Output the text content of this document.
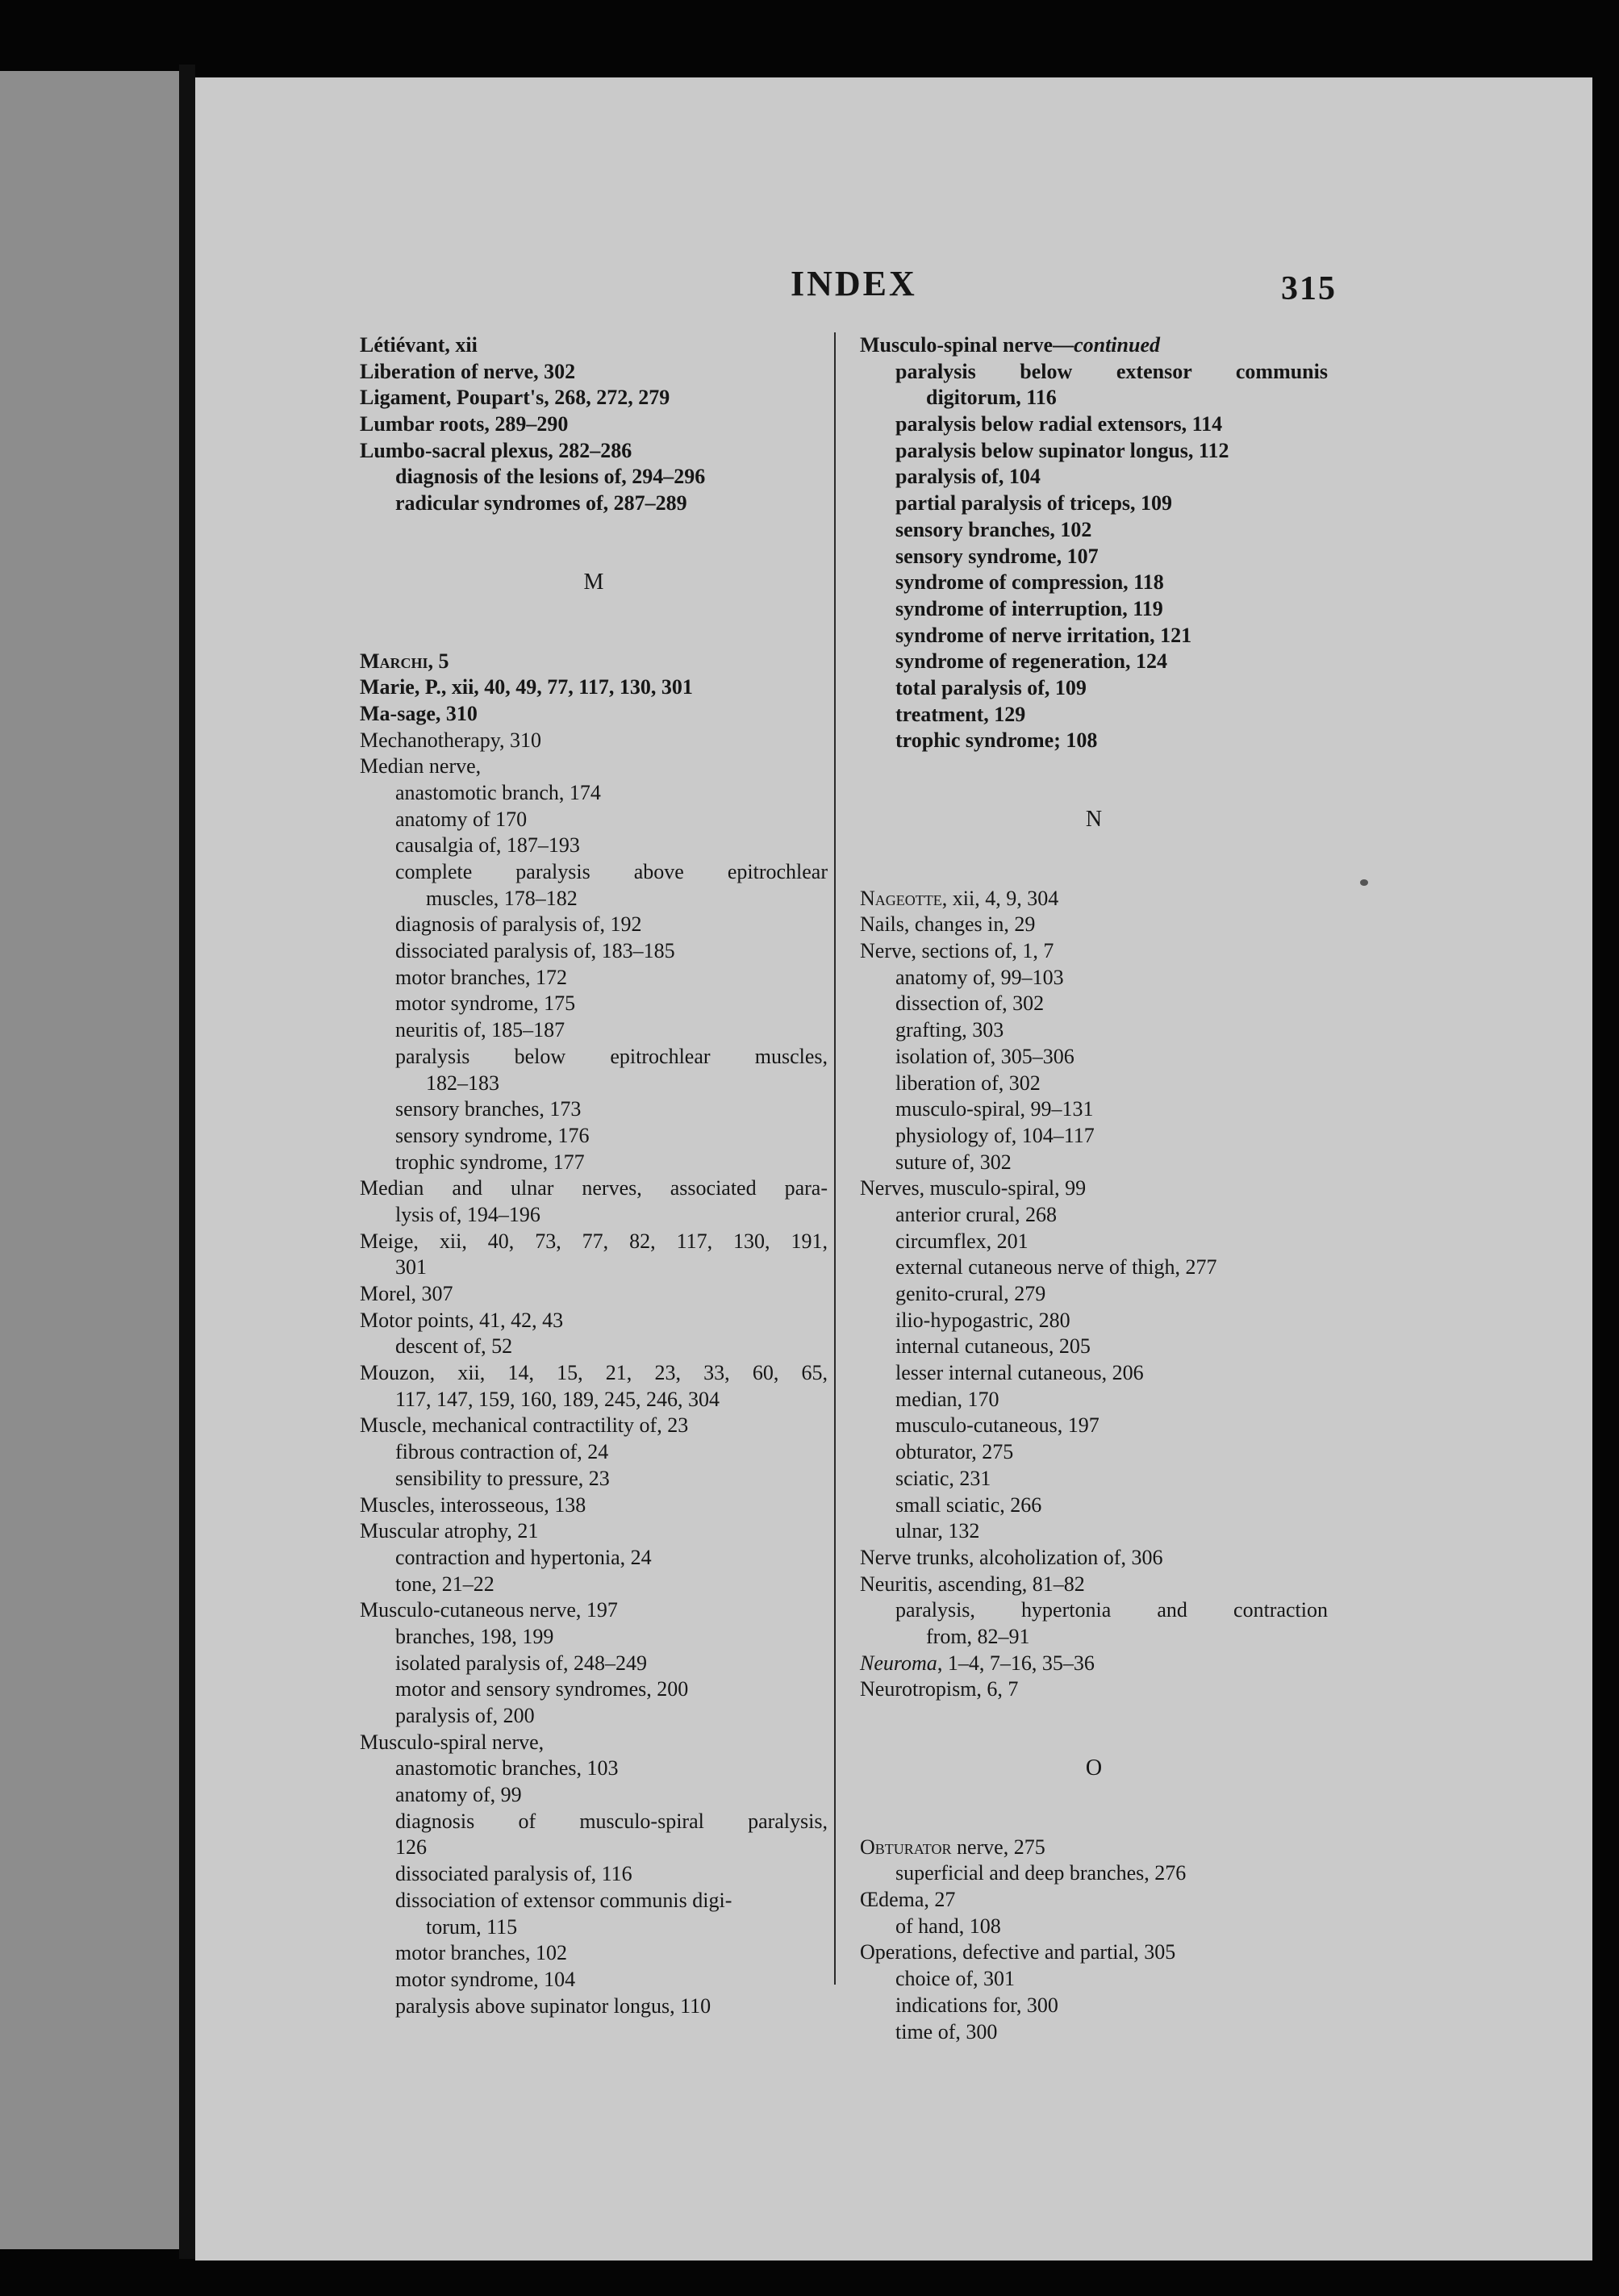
INDEX	315
Létiévant, xii
Liberation of nerve, 302
Ligament, Poupart's, 268, 272, 279
Lumbar roots, 289–290
Lumbo-sacral plexus, 282–286
diagnosis of the lesions of, 294–296
radicular syndromes of, 287–289
M
Marchi, 5
Marie, P., xii, 40, 49, 77, 117, 130, 301
Ma-sage, 310
Mechanotherapy, 310
Median nerve,
anastomotic branch, 174
anatomy of 170
causalgia of, 187–193
complete paralysis above epitrochlear
muscles, 178–182
diagnosis of paralysis of, 192
dissociated paralysis of, 183–185
motor branches, 172
motor syndrome, 175
neuritis of, 185–187
paralysis below epitrochlear muscles,
182–183
sensory branches, 173
sensory syndrome, 176
trophic syndrome, 177
Median and ulnar nerves, associated para-
lysis of, 194–196
Meige, xii, 40, 73, 77, 82, 117, 130, 191,
301
Morel, 307
Motor points, 41, 42, 43
descent of, 52
Mouzon, xii, 14, 15, 21, 23, 33, 60, 65,
117, 147, 159, 160, 189, 245, 246, 304
Muscle, mechanical contractility of, 23
fibrous contraction of, 24
sensibility to pressure, 23
Muscles, interosseous, 138
Muscular atrophy, 21
contraction and hypertonia, 24
tone, 21–22
Musculo-cutaneous nerve, 197
branches, 198, 199
isolated paralysis of, 248–249
motor and sensory syndromes, 200
paralysis of, 200
Musculo-spiral nerve,
anastomotic branches, 103
anatomy of, 99
diagnosis of musculo-spiral paralysis,
126
dissociated paralysis of, 116
dissociation of extensor communis digi-
torum, 115
motor branches, 102
motor syndrome, 104
paralysis above supinator longus, 110
Musculo-spinal nerve—continued
paralysis below extensor communis
digitorum, 116
paralysis below radial extensors, 114
paralysis below supinator longus, 112
paralysis of, 104
partial paralysis of triceps, 109
sensory branches, 102
sensory syndrome, 107
syndrome of compression, 118
syndrome of interruption, 119
syndrome of nerve irritation, 121
syndrome of regeneration, 124
total paralysis of, 109
treatment, 129
trophic syndrome; 108
N
Nageotte, xii, 4, 9, 304
Nails, changes in, 29
Nerve, sections of, 1, 7
anatomy of, 99–103
dissection of, 302
grafting, 303
isolation of, 305–306
liberation of, 302
musculo-spiral, 99–131
physiology of, 104–117
suture of, 302
Nerves, musculo-spiral, 99
anterior crural, 268
circumflex, 201
external cutaneous nerve of thigh, 277
genito-crural, 279
ilio-hypogastric, 280
internal cutaneous, 205
lesser internal cutaneous, 206
median, 170
musculo-cutaneous, 197
obturator, 275
sciatic, 231
small sciatic, 266
ulnar, 132
Nerve trunks, alcoholization of, 306
Neuritis, ascending, 81–82
paralysis, hypertonia and contraction
from, 82–91
Neuroma, 1–4, 7–16, 35–36
Neurotropism, 6, 7
O
Obturator nerve, 275
superficial and deep branches, 276
Œdema, 27
of hand, 108
Operations, defective and partial, 305
choice of, 301
indications for, 300
time of, 300
